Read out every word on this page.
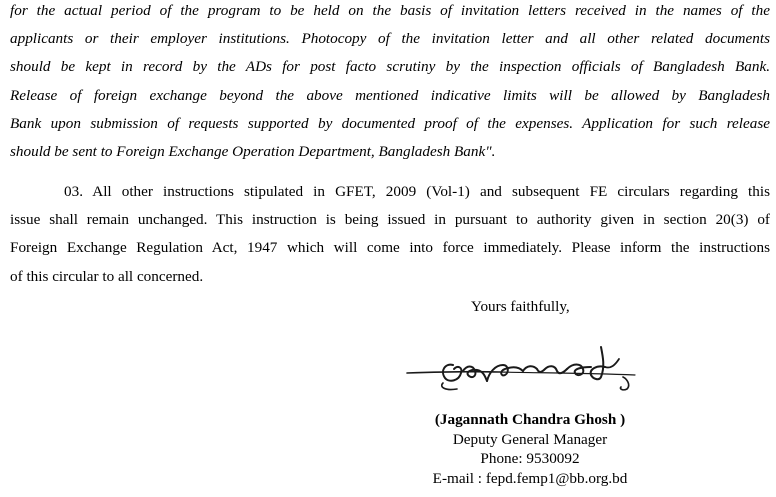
for the actual period of the program to be held on the basis of invitation letters received in the names of the
applicants or their employer institutions. Photocopy of the invitation letter and all other related documents
should be kept in record by the ADs for post facto scrutiny by the inspection officials of Bangladesh Bank.
Release of foreign exchange beyond the above mentioned indicative limits will be allowed by Bangladesh
Bank upon submission of requests supported by documented proof of the expenses. Application for such release
should be sent to Foreign Exchange Operation Department, Bangladesh Bank".

03. All other instructions stipulated in GFET, 2009 (Vol-1) and subsequent FE circulars regarding this
issue shall remain unchanged. This instruction is being issued in pursuant to authority given in section 20(3) of
Foreign Exchange Regulation Act, 1947 which will come into force immediately. Please inform the instructions
of this circular to all concerned.

Yours faithfully,

(Jagannath Chandra Ghosh )
Deputy General Manager
Phone: 9530092
E-mail : fepd.femp1@bb.org.bd
